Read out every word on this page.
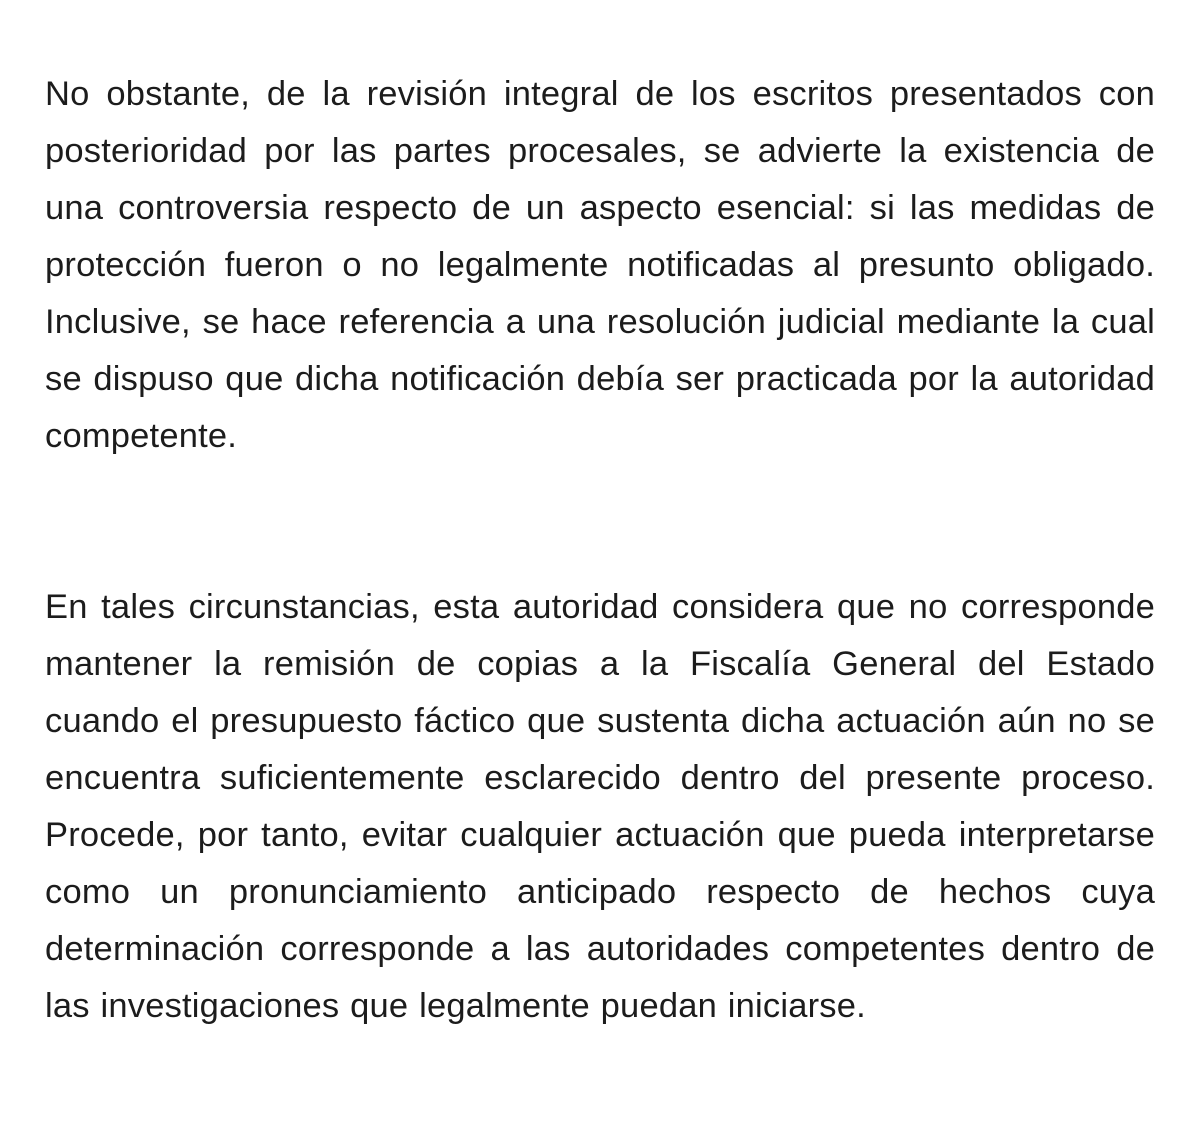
No obstante, de la revisión integral de los escritos presentados con posterioridad por las partes procesales, se advierte la existencia de una controversia respecto de un aspecto esencial: si las medidas de protección fueron o no legalmente notificadas al presunto obligado. Inclusive, se hace referencia a una resolución judicial mediante la cual se dispuso que dicha notificación debía ser practicada por la autoridad competente.

En tales circunstancias, esta autoridad considera que no corresponde mantener la remisión de copias a la Fiscalía General del Estado cuando el presupuesto fáctico que sustenta dicha actuación aún no se encuentra suficientemente esclarecido dentro del presente proceso. Procede, por tanto, evitar cualquier actuación que pueda interpretarse como un pronunciamiento anticipado respecto de hechos cuya determinación corresponde a las autoridades competentes dentro de las investigaciones que legalmente puedan iniciarse.
